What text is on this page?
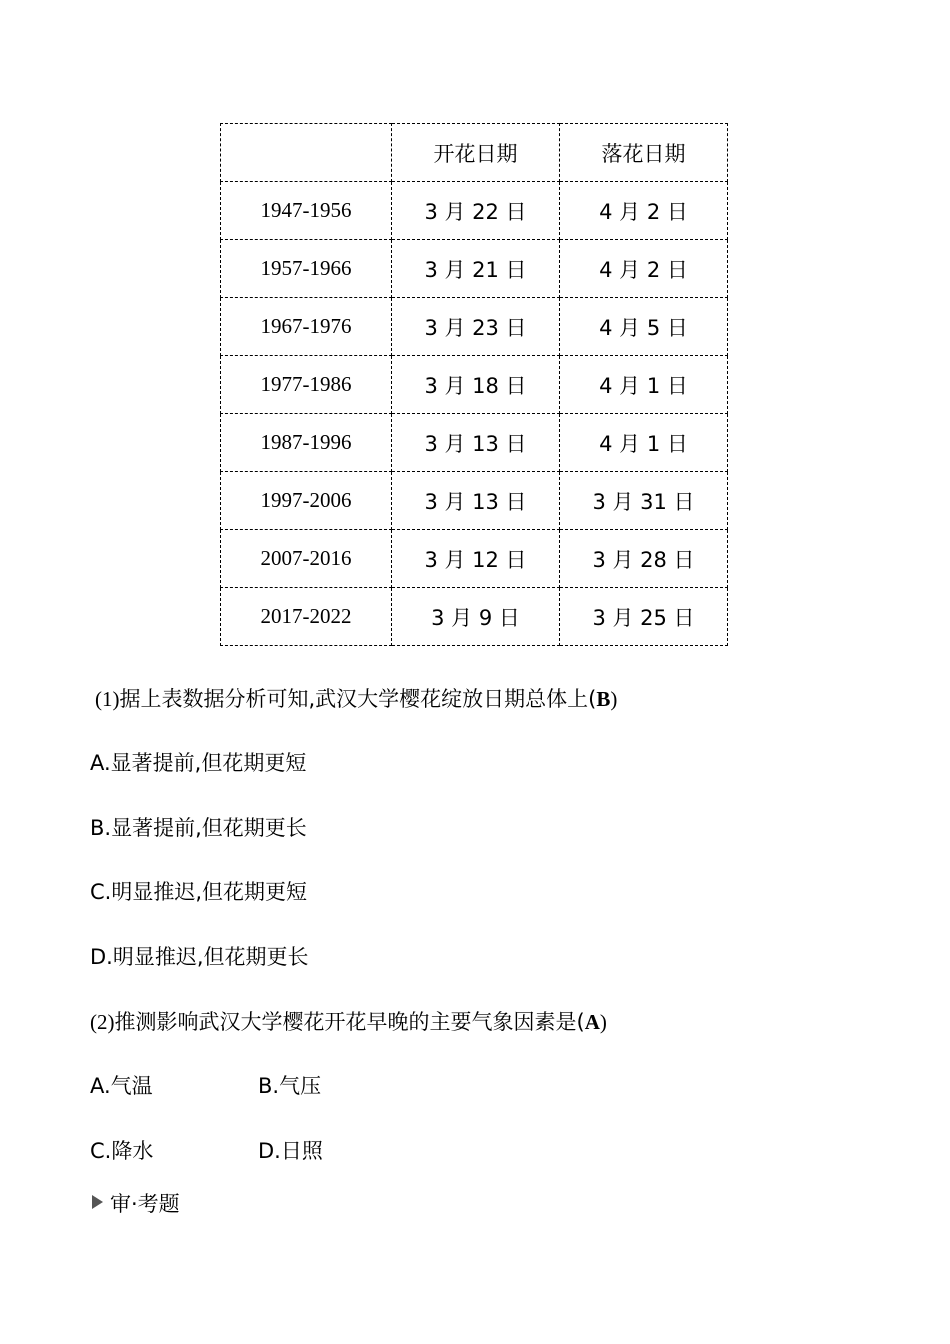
	开花日期	落花日期
1947-1956	3 月 22 日	4 月 2 日
1957-1966	3 月 21 日	4 月 2 日
1967-1976	3 月 23 日	4 月 5 日
1977-1986	3 月 18 日	4 月 1 日
1987-1996	3 月 13 日	4 月 1 日
1997-2006	3 月 13 日	3 月 31 日
2007-2016	3 月 12 日	3 月 28 日
2017-2022	3 月 9 日	3 月 25 日
(1)据上表数据分析可知,武汉大学樱花绽放日期总体上(B)
A.显著提前,但花期更短
B.显著提前,但花期更长
C.明显推迟,但花期更短
D.明显推迟,但花期更长
(2)推测影响武汉大学樱花开花早晚的主要气象因素是(A)
A.气温	B.气压
C.降水	D.日照
审·考题
